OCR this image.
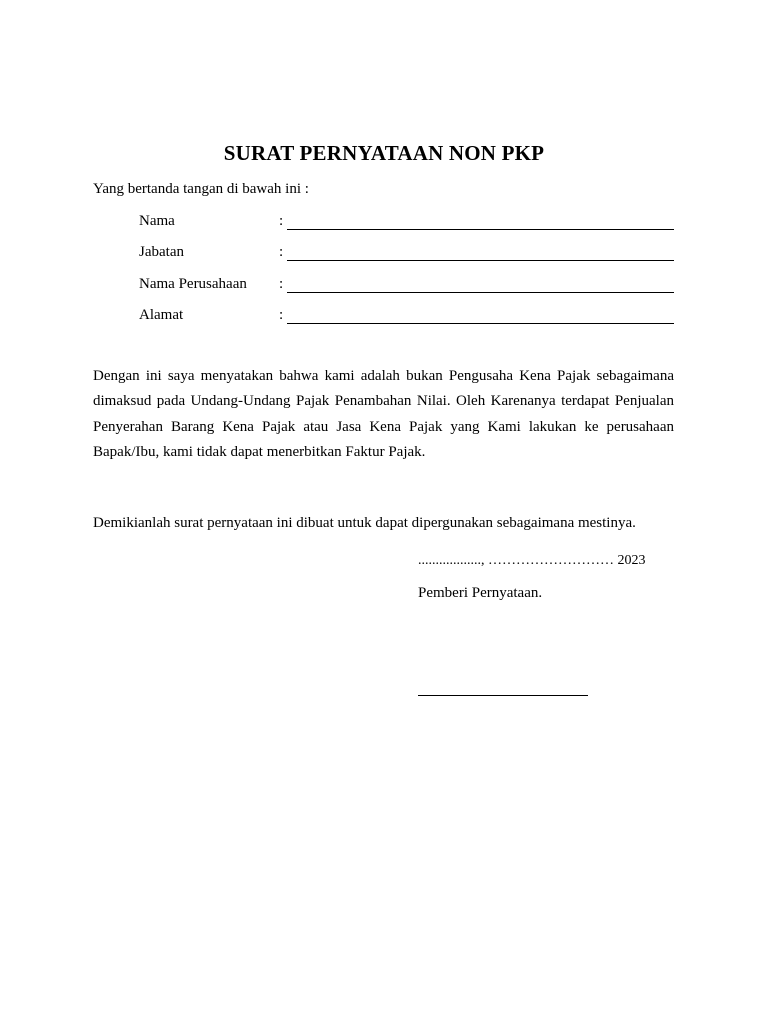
SURAT PERNYATAAN NON PKP
Yang bertanda tangan di bawah ini :
Nama	:
Jabatan	:
Nama Perusahaan :
Alamat	:

Dengan ini saya menyatakan bahwa kami adalah bukan Pengusaha Kena Pajak sebagaimana dimaksud pada Undang-Undang Pajak Penambahan Nilai. Oleh Karenanya terdapat Penjualan Penyerahan Barang Kena Pajak atau Jasa Kena Pajak yang Kami lakukan ke perusahaan Bapak/Ibu, kami tidak dapat menerbitkan Faktur Pajak.

Demikianlah surat pernyataan ini dibuat untuk dapat dipergunakan sebagaimana mestinya.
.................., ……………………… 2023
Pemberi Pernyataan.
